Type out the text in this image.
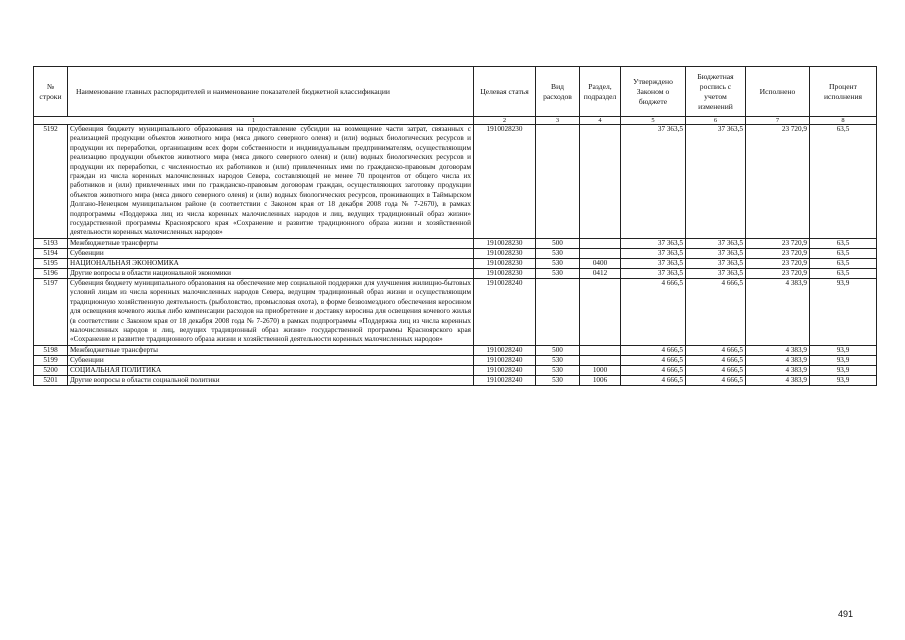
№ строки	Наименование главных распорядителей и наименование показателей бюджетной классификации	Целевая статья	Вид расходов	Раздел, подраздел	Утверждено Законом о бюджете	Бюджетная роспись с учетом изменений	Исполнено	Процент исполнения
1		2	3	4	5	6	7	8
5192	Субвенция бюджету муниципального образования на предоставление субсидии на возмещение части затрат, связанных с реализацией продукции объектов животного мира (мяса дикого северного оленя) и (или) водных биологических ресурсов и продукции их переработки, организациям всех форм собственности и индивидуальным предпринимателям, осуществляющим реализацию продукции объектов животного мира (мяса дикого северного оленя) и (или) водных биологических ресурсов и продукции их переработки, с численностью их работников и (или) привлеченных ими по гражданско-правовым договорам граждан из числа коренных малочисленных народов Севера, составляющей не менее 70 процентов от общего числа их работников и (или) привлеченных ими по гражданско-правовым договорам граждан, осуществляющих заготовку продукции объектов животного мира (мяса дикого северного оленя) и (или) водных биологических ресурсов, проживающих в Таймырском Долгано-Ненецком муниципальном районе (в соответствии с Законом края от 18 декабря 2008 года № 7-2670), в рамках подпрограммы «Поддержка лиц из числа коренных малочисленных народов и лиц, ведущих традиционный образ жизни» государственной программы Красноярского края «Сохранение и развитие традиционного образа жизни и хозяйственной деятельности коренных малочисленных народов»	1910028230			37 363,5	37 363,5	23 720,9	63,5
5193	Межбюджетные трансферты	1910028230	500		37 363,5	37 363,5	23 720,9	63,5
5194	Субвенции	1910028230	530		37 363,5	37 363,5	23 720,9	63,5
5195	НАЦИОНАЛЬНАЯ ЭКОНОМИКА	1910028230	530	0400	37 363,5	37 363,5	23 720,9	63,5
5196	Другие вопросы в области национальной экономики	1910028230	530	0412	37 363,5	37 363,5	23 720,9	63,5
5197	Субвенция бюджету муниципального образования на обеспечение мер социальной поддержки для улучшения жилищно-бытовых условий лицам из числа коренных малочисленных народов Севера, ведущим традиционный образ жизни и осуществляющим традиционную хозяйственную деятельность (рыболовство, промысловая охота), в форме безвозмездного обеспечения керосином для освещения кочевого жилья либо компенсации расходов на приобретение и доставку керосина для освещения кочевого жилья (в соответствии с Законом края от 18 декабря 2008 года № 7-2670) в рамках подпрограммы «Поддержка лиц из числа коренных малочисленных народов и лиц, ведущих традиционный образ жизни» государственной программы Красноярского края «Сохранение и развитие традиционного образа жизни и хозяйственной деятельности коренных малочисленных народов»	1910028240			4 666,5	4 666,5	4 383,9	93,9
5198	Межбюджетные трансферты	1910028240	500		4 666,5	4 666,5	4 383,9	93,9
5199	Субвенции	1910028240	530		4 666,5	4 666,5	4 383,9	93,9
5200	СОЦИАЛЬНАЯ ПОЛИТИКА	1910028240	530	1000	4 666,5	4 666,5	4 383,9	93,9
5201	Другие вопросы в области социальной политики	1910028240	530	1006	4 666,5	4 666,5	4 383,9	93,9
491
